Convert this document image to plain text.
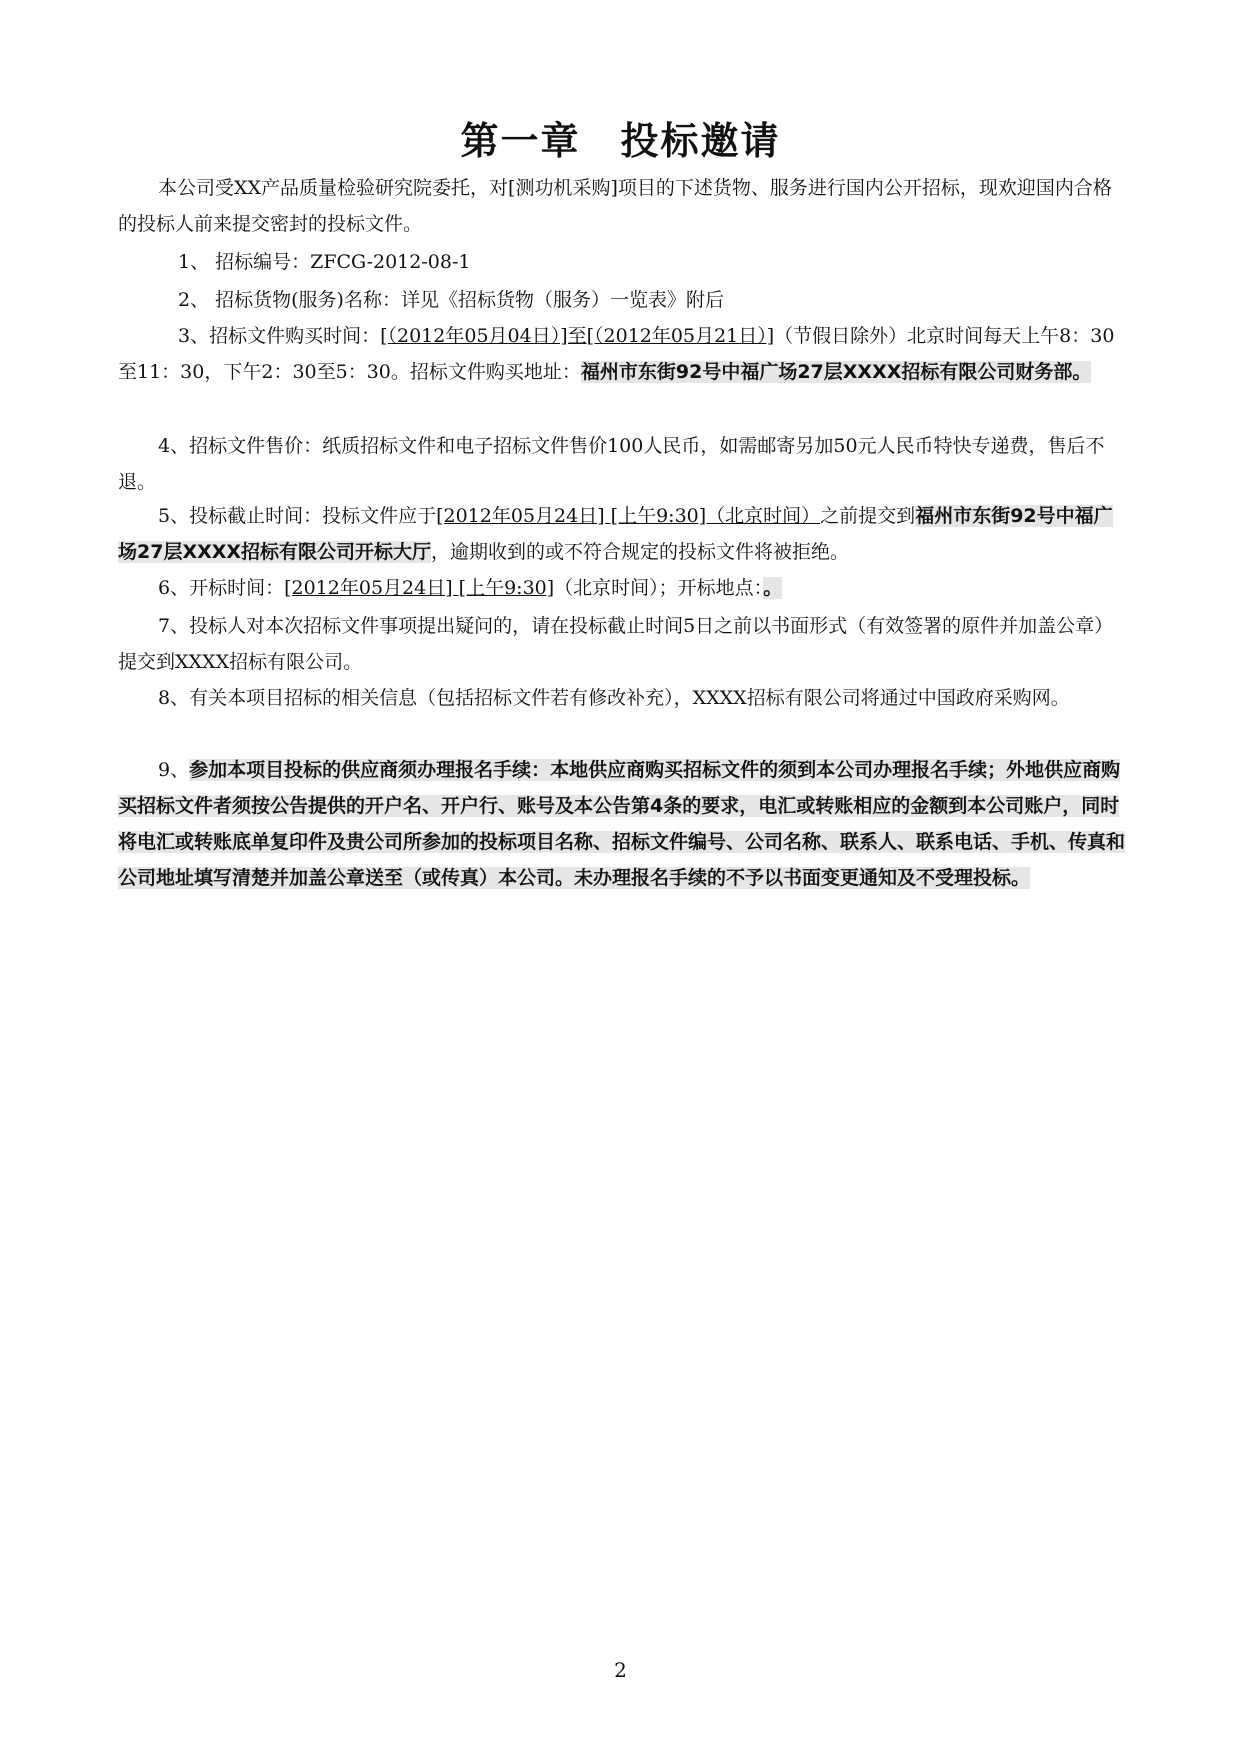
第一章 投标邀请
本公司受XX产品质量检验研究院委托，对[测功机采购]项目的下述货物、服务进行国内公开招标，现欢迎国内合格的投标人前来提交密封的投标文件。
1、 招标编号：ZFCG-2012-08-1
2、 招标货物(服务)名称：详见《招标货物（服务）一览表》附后
3、招标文件购买时间：[（2012年05月04日）]至[（2012年05月21日）]（节假日除外）北京时间每天上午8：30至11：30，下午2：30至5：30。招标文件购买地址：福州市东街92号中福广场27层XXXX招标有限公司财务部。
4、招标文件售价：纸质招标文件和电子招标文件售价100人民币，如需邮寄另加50元人民币特快专递费，售后不退。
5、投标截止时间：投标文件应于[2012年05月24日] [上午9:30]（北京时间）之前提交到福州市东街92号中福广场27层XXXX招标有限公司开标大厅，逾期收到的或不符合规定的投标文件将被拒绝。
6、开标时间：[2012年05月24日] [上午9:30]（北京时间）；开标地点：。
7、投标人对本次招标文件事项提出疑问的，请在投标截止时间5日之前以书面形式（有效签署的原件并加盖公章）提交到XXXX招标有限公司。
8、有关本项目招标的相关信息（包括招标文件若有修改补充），XXXX招标有限公司将通过中国政府采购网。
9、参加本项目投标的供应商须办理报名手续：本地供应商购买招标文件的须到本公司办理报名手续；外地供应商购买招标文件者须按公告提供的开户名、开户行、账号及本公告第4条的要求，电汇或转账相应的金额到本公司账户，同时将电汇或转账底单复印件及贵公司所参加的投标项目名称、招标文件编号、公司名称、联系人、联系电话、手机、传真和公司地址填写清楚并加盖公章送至（或传真）本公司。未办理报名手续的不予以书面变更通知及不受理投标。
2
